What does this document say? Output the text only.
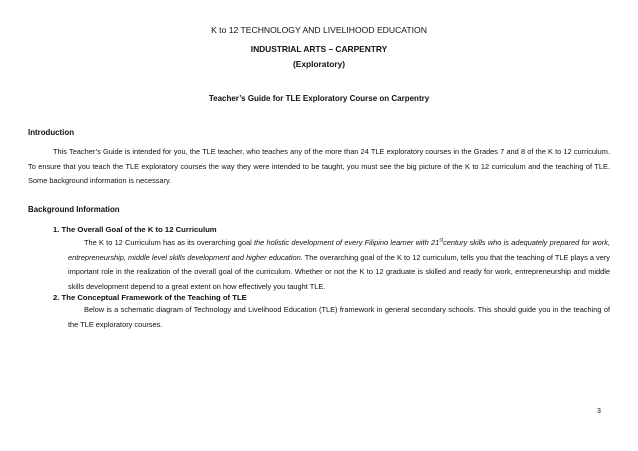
K to 12 TECHNOLOGY AND LIVELIHOOD EDUCATION
INDUSTRIAL ARTS – CARPENTRY
(Exploratory)
Teacher’s Guide for TLE Exploratory Course on Carpentry
Introduction
This Teacher’s Guide is intended for you, the TLE teacher, who teaches any of the more than 24 TLE exploratory courses in the Grades 7 and 8 of the K to 12 curriculum. To ensure that you teach the TLE exploratory courses the way they were intended to be taught, you must see the big picture of the K to 12 curriculum and the teaching of TLE. Some background information is necessary.
Background Information
1. The Overall Goal of the K to 12 Curriculum
The K to 12 Curriculum has as its overarching goal the holistic development of every Filipino learner with 21stcentury skills who is adequately prepared for work, entrepreneurship, middle level skills development and higher education. The overarching goal of the K to 12 curriculum, tells you that the teaching of TLE plays a very important role in the realization of the overall goal of the curriculum. Whether or not the K to 12 graduate is skilled and ready for work, entrepreneurship and middle skills development depend to a great extent on how effectively you taught TLE.
2. The Conceptual Framework of the Teaching of TLE
Below is a schematic diagram of Technology and Livelihood Education (TLE) framework in general secondary schools. This should guide you in the teaching of the TLE exploratory courses.
3
